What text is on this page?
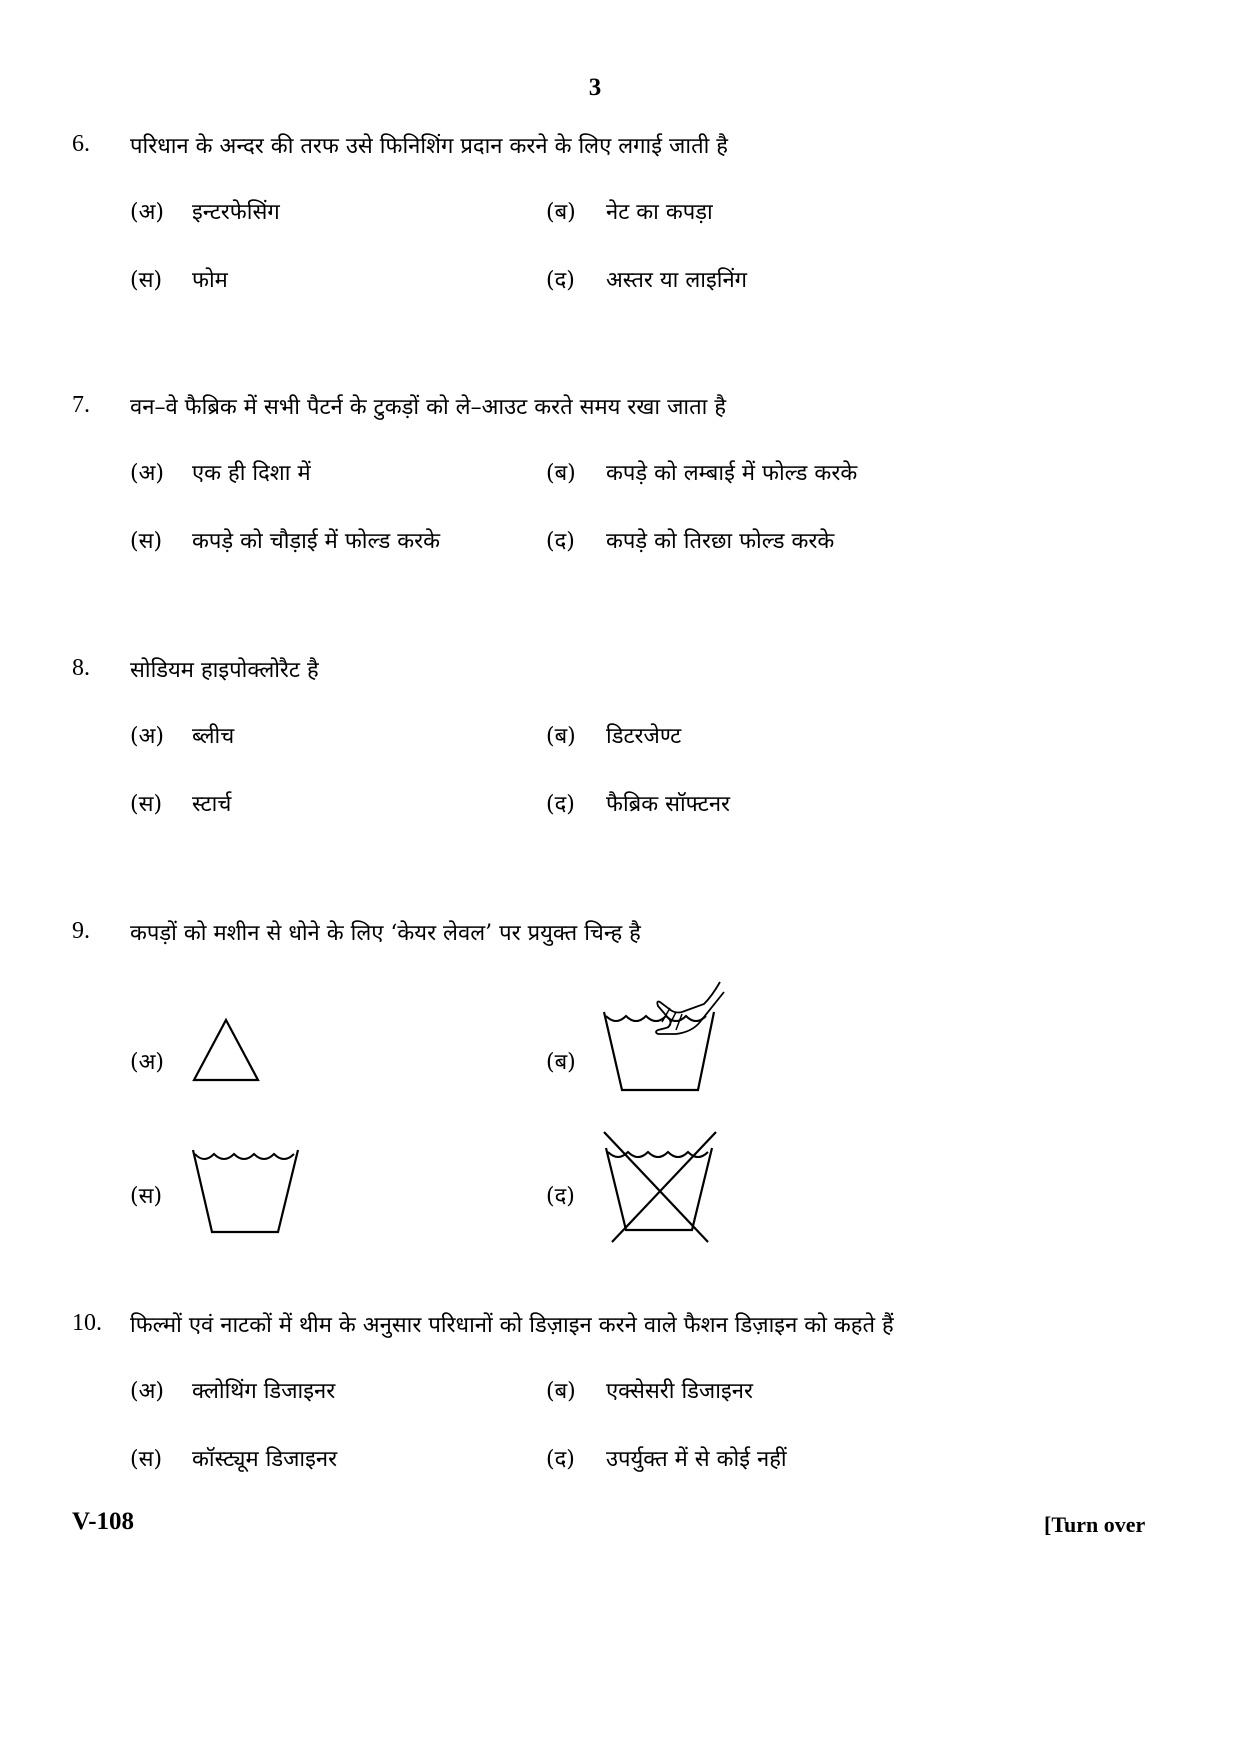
3
6. परिधान के अन्दर की तरफ उसे फिनिशिंग प्रदान करने के लिए लगाई जाती है
(अ) इन्टरफेसिंग	(ब) नेट का कपड़ा
(स) फोम	(द) अस्तर या लाइनिंग
7. वन–वे फैब्रिक में सभी पैटर्न के टुकड़ों को ले–आउट करते समय रखा जाता है
(अ) एक ही दिशा में	(ब) कपड़े को लम्बाई में फोल्ड करके
(स) कपड़े को चौड़ाई में फोल्ड करके	(द) कपड़े को तिरछा फोल्ड करके
8. सोडियम हाइपोक्लोरैट है
(अ) ब्लीच	(ब) डिटरजेण्ट
(स) स्टार्च	(द) फैब्रिक सॉफ्टनर
9. कपड़ों को मशीन से धोने के लिए ‘केयर लेवल’ पर प्रयुक्त चिन्ह है
(अ)	(ब)
(स)	(द)
10. फिल्मों एवं नाटकों में थीम के अनुसार परिधानों को डिज़ाइन करने वाले फैशन डिज़ाइन को कहते हैं
(अ) क्लोथिंग डिजाइनर	(ब) एक्सेसरी डिजाइनर
(स) कॉस्ट्यूम डिजाइनर	(द) उपर्युक्त में से कोई नहीं
V-108	[Turn over
